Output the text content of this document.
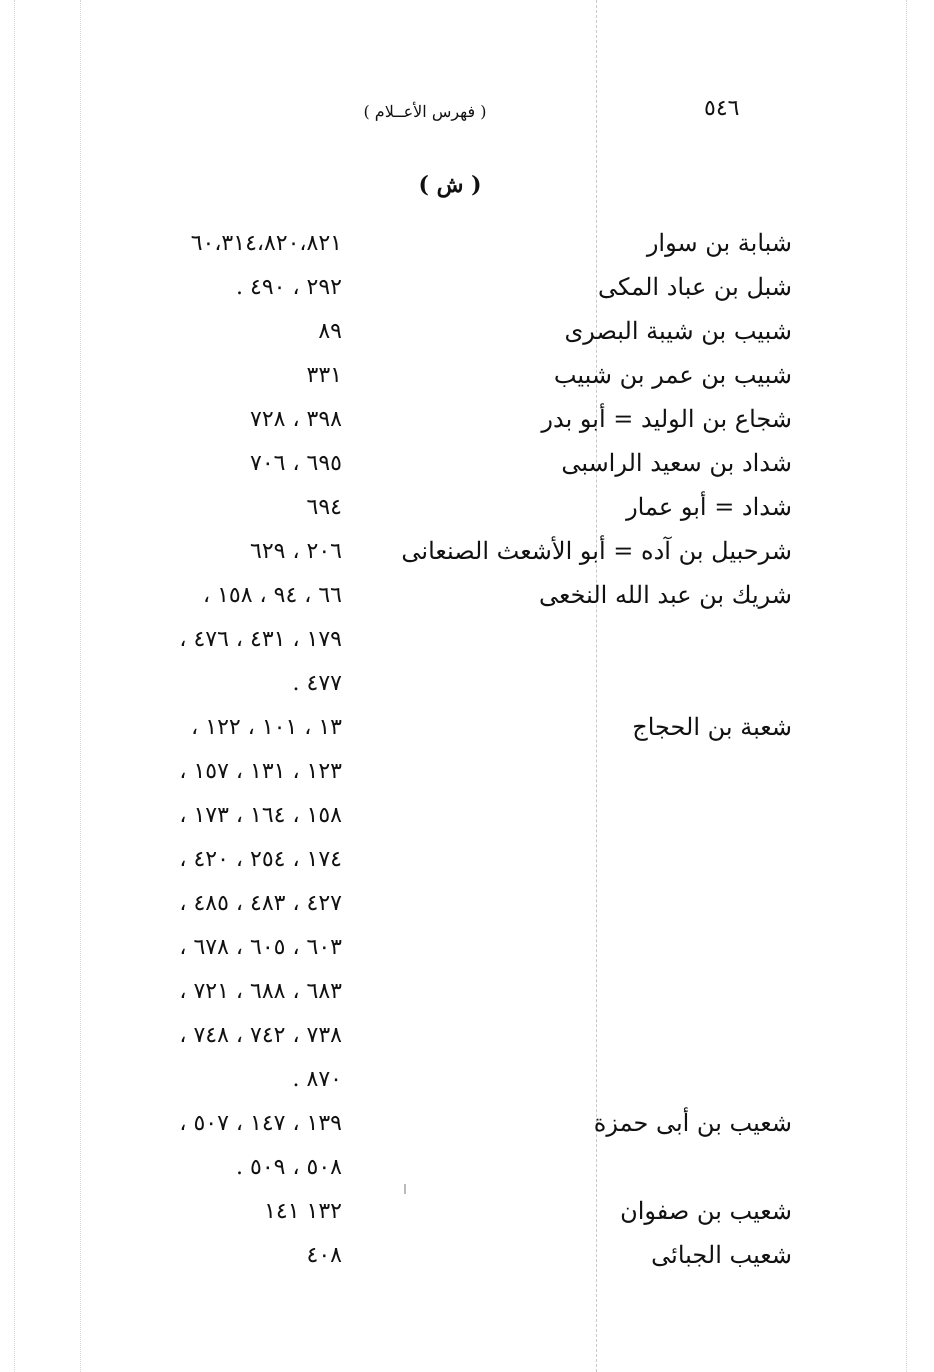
٥٤٦
( فهرس الأعــلام )
( ش )
شبابة بن سوار
٦٠،٣١٤،٨٢٠،٨٢١
شبل بن عباد المكى
٢٩٢ ، ٤٩٠ .
شبيب بن شيبة البصرى
٨٩
شبيب بن عمر بن شبيب
٣٣١
شجاع بن الوليد = أبو بدر
٣٩٨ ، ٧٢٨
شداد بن سعيد الراسبى
٦٩٥ ، ٧٠٦
شداد = أبو عمار
٦٩٤
شرحبيل بن آده = أبو الأشعث الصنعانى
٢٠٦ ، ٦٢٩
شريك بن عبد الله النخعى
٦٦ ، ٩٤ ، ١٥٨ ،
١٧٩ ، ٤٣١ ، ٤٧٦ ،
٤٧٧ .
شعبة بن الحجاج
١٣ ، ١٠١ ، ١٢٢ ،
١٢٣ ، ١٣١ ، ١٥٧ ،
١٥٨ ، ١٦٤ ، ١٧٣ ،
١٧٤ ، ٢٥٤ ، ٤٢٠ ،
٤٢٧ ، ٤٨٣ ، ٤٨٥ ،
٦٠٣ ، ٦٠٥ ، ٦٧٨ ،
٦٨٣ ، ٦٨٨ ، ٧٢١ ،
٧٣٨ ، ٧٤٢ ، ٧٤٨ ،
٨٧٠ .
شعيب بن أبى حمزة
١٣٩ ، ١٤٧ ، ٥٠٧ ،
٥٠٨ ، ٥٠٩ .
شعيب بن صفوان
١٣٢ ١٤١
شعيب الجبائى
٤٠٨
